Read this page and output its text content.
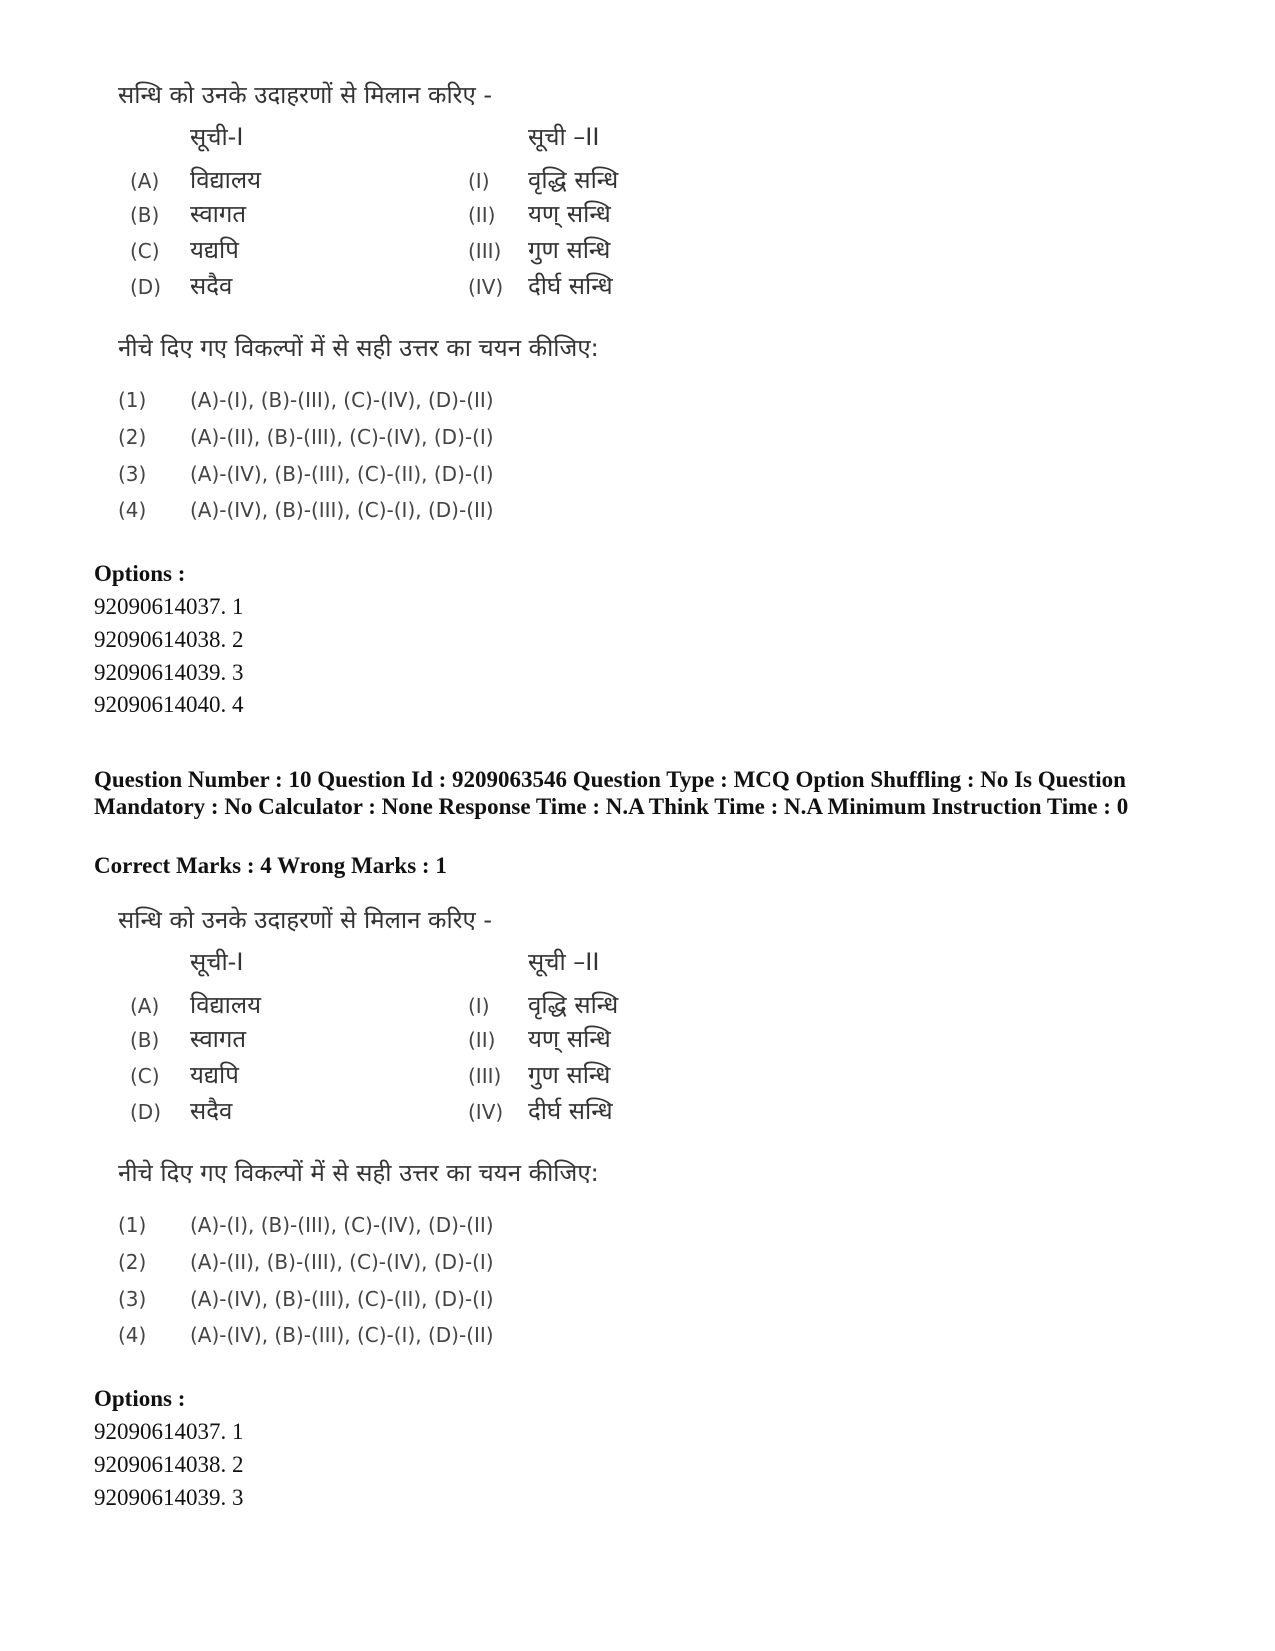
सन्धि को उनके उदाहरणों से मिलान करिए -
सूची-I	सूची –II
(A) विद्यालय	(I) वृद्धि सन्धि
(B) स्वागत	(II) यण् सन्धि
(C) यद्यपि	(III) गुण सन्धि
(D) सदैव	(IV) दीर्घ सन्धि
नीचे दिए गए विकल्पों में से सही उत्तर का चयन कीजिए:
(1) (A)-(I), (B)-(III), (C)-(IV), (D)-(II)
(2) (A)-(II), (B)-(III), (C)-(IV), (D)-(I)
(3) (A)-(IV), (B)-(III), (C)-(II), (D)-(I)
(4) (A)-(IV), (B)-(III), (C)-(I), (D)-(II)
Options :
92090614037. 1
92090614038. 2
92090614039. 3
92090614040. 4
Question Number : 10 Question Id : 9209063546 Question Type : MCQ Option Shuffling : No Is Question Mandatory : No Calculator : None Response Time : N.A Think Time : N.A Minimum Instruction Time : 0
Correct Marks : 4 Wrong Marks : 1
सन्धि को उनके उदाहरणों से मिलान करिए -
सूची-I	सूची –II
(A) विद्यालय	(I) वृद्धि सन्धि
(B) स्वागत	(II) यण् सन्धि
(C) यद्यपि	(III) गुण सन्धि
(D) सदैव	(IV) दीर्घ सन्धि
नीचे दिए गए विकल्पों में से सही उत्तर का चयन कीजिए:
(1) (A)-(I), (B)-(III), (C)-(IV), (D)-(II)
(2) (A)-(II), (B)-(III), (C)-(IV), (D)-(I)
(3) (A)-(IV), (B)-(III), (C)-(II), (D)-(I)
(4) (A)-(IV), (B)-(III), (C)-(I), (D)-(II)
Options :
92090614037. 1
92090614038. 2
92090614039. 3
